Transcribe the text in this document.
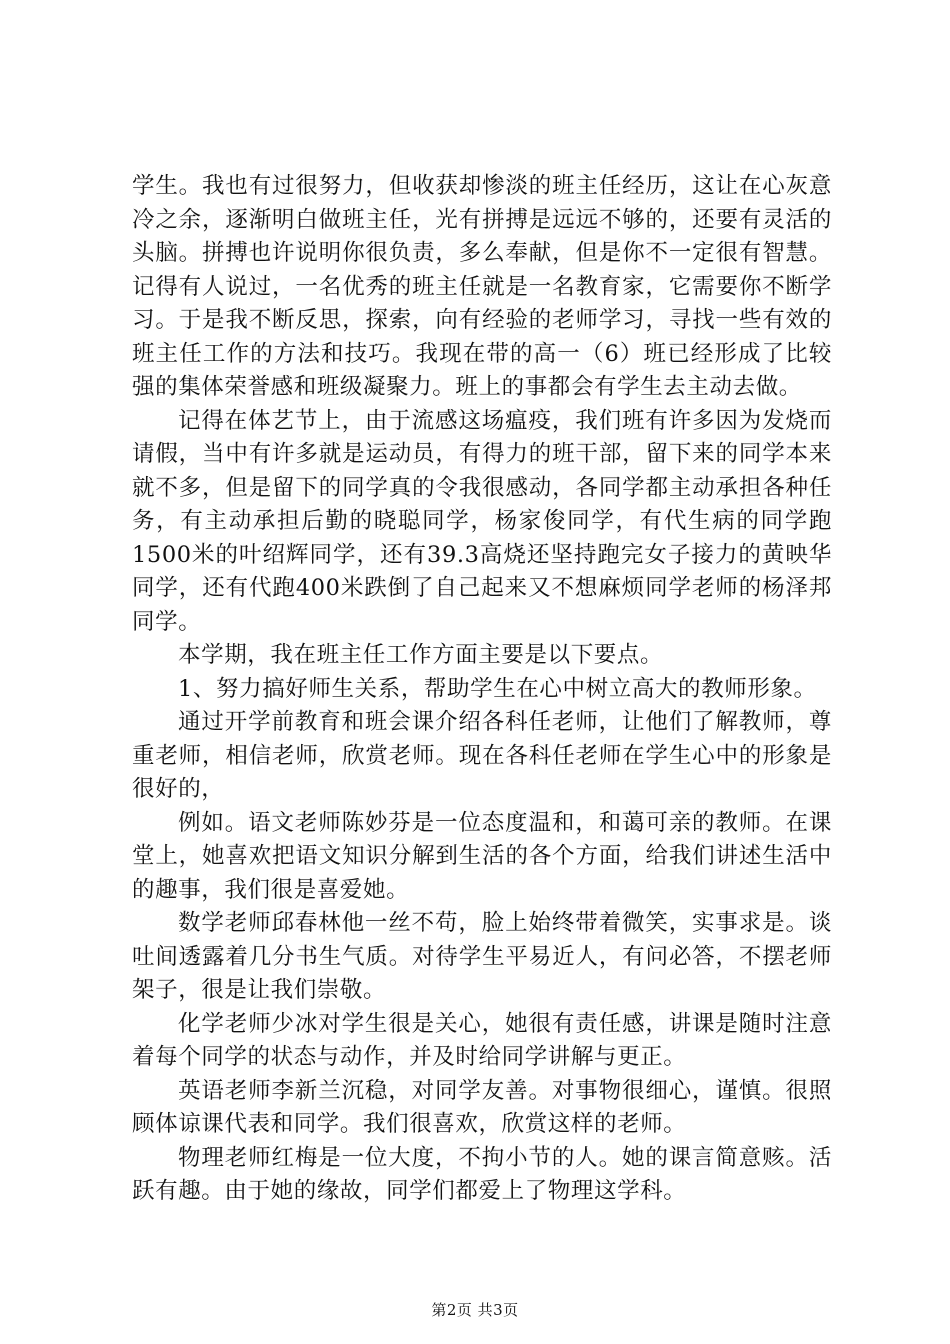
学生。我也有过很努力，但收获却惨淡的班主任经历，这让在心灰意冷之余，逐渐明白做班主任，光有拼搏是远远不够的，还要有灵活的头脑。拼搏也许说明你很负责，多么奉献，但是你不一定很有智慧。记得有人说过，一名优秀的班主任就是一名教育家，它需要你不断学习。于是我不断反思，探索，向有经验的老师学习，寻找一些有效的班主任工作的方法和技巧。我现在带的高一（6）班已经形成了比较强的集体荣誉感和班级凝聚力。班上的事都会有学生去主动去做。

记得在体艺节上，由于流感这场瘟疫，我们班有许多因为发烧而请假，当中有许多就是运动员，有得力的班干部，留下来的同学本来就不多，但是留下的同学真的令我很感动，各同学都主动承担各种任务，有主动承担后勤的晓聪同学，杨家俊同学，有代生病的同学跑1500米的叶绍辉同学，还有39.3高烧还坚持跑完女子接力的黄映华同学，还有代跑400米跌倒了自己起来又不想麻烦同学老师的杨泽邦同学。

本学期，我在班主任工作方面主要是以下要点。

1、努力搞好师生关系，帮助学生在心中树立高大的教师形象。

通过开学前教育和班会课介绍各科任老师，让他们了解教师，尊重老师，相信老师，欣赏老师。现在各科任老师在学生心中的形象是很好的，

例如。语文老师陈妙芬是一位态度温和，和蔼可亲的教师。在课堂上，她喜欢把语文知识分解到生活的各个方面，给我们讲述生活中的趣事，我们很是喜爱她。

数学老师邱春林他一丝不苟，脸上始终带着微笑，实事求是。谈吐间透露着几分书生气质。对待学生平易近人，有问必答，不摆老师架子，很是让我们崇敬。

化学老师少冰对学生很是关心，她很有责任感，讲课是随时注意着每个同学的状态与动作，并及时给同学讲解与更正。

英语老师李新兰沉稳，对同学友善。对事物很细心，谨慎。很照顾体谅课代表和同学。我们很喜欢，欣赏这样的老师。

物理老师红梅是一位大度，不拘小节的人。她的课言简意赅。活跃有趣。由于她的缘故，同学们都爱上了物理这学科。

第2页 共3页
